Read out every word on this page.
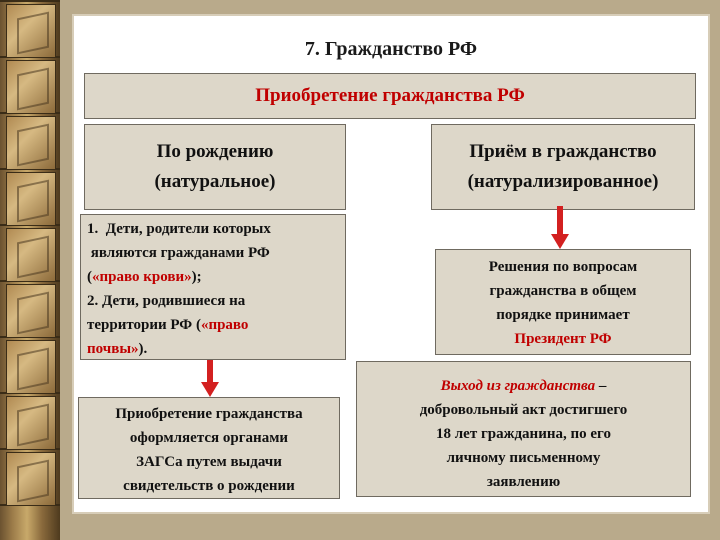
7. Гражданство РФ
Приобретение гражданства РФ
По рождению
(натуральное)
Приём в гражданство
(натурализированное)
1. Дети, родители которых
являются гражданами РФ
(«право крови»);
2. Дети, родившиеся на
территории РФ («право
почвы»).
Решения по вопросам
гражданства в общем
порядке принимает
Президент РФ
Приобретение гражданства
оформляется органами
ЗАГСа путем выдачи
свидетельств о рождении
Выход из гражданства –
добровольный акт достигшего
18 лет гражданина, по его
личному письменному
заявлению
